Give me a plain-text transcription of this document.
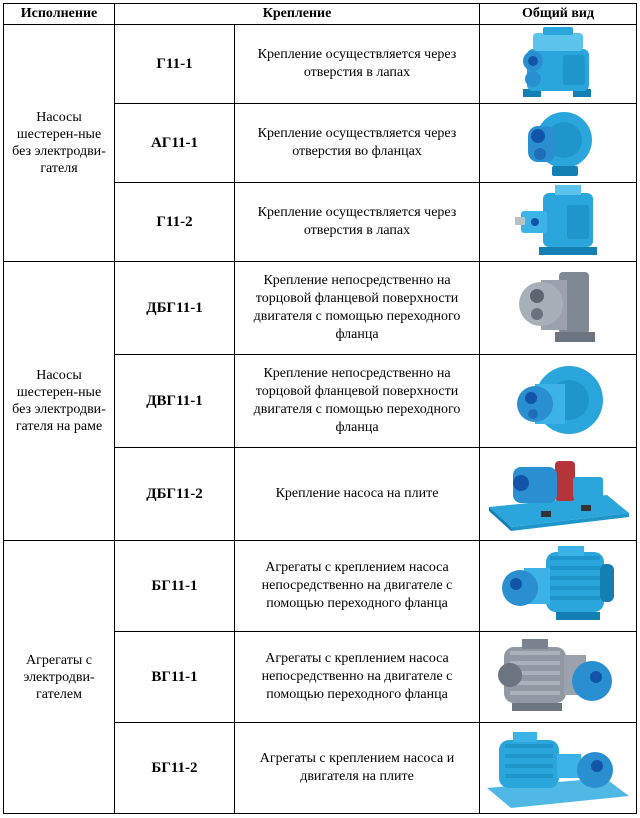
Исполнение	Крепление		Общий вид
Насосы шестерен-ные без электродви-гателя	Г11-1	Крепление осуществляется через отверстия в лапах	

	АГ11-1	Крепление осуществляется через отверстия во фланцах	

	Г11-2	Крепление осуществляется через отверстия в лапах	

Насосы шестерен-ные без электродви-гателя на раме	ДБГ11-1	Крепление непосредственно на торцовой фланцевой поверхности двигателя с помощью переходного фланца	

	ДВГ11-1	Крепление непосредственно на торцовой фланцевой поверхности двигателя с помощью переходного фланца	

	ДБГ11-2	Крепление насоса на плите	

Агрегаты с электродви-гателем	БГ11-1	Агрегаты с креплением насоса непосредственно на двигателе с помощью переходного фланца	

	ВГ11-1	Агрегаты с креплением насоса непосредственно на двигателе с помощью переходного фланца	

	БГ11-2	Агрегаты с креплением насоса и двигателя на плите	
